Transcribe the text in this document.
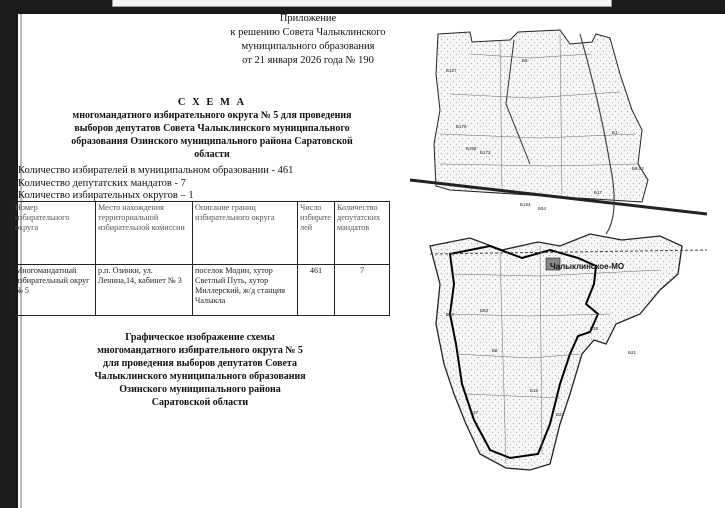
Приложение
к решению Совета Чалыклинского
муниципального образования
от 21 января 2026 года № 190
С Х Е М А
многомандатного избирательного округа № 5 для проведения
выборов депутатов Совета Чалыклинского муниципального
образования Озинского муниципального района Саратовской
области
Количество избирателей в муниципальном образовании - 461
Количество депутатских мандатов - 7
Количество избирательных округов – 1
Номер избирательного округа	Место нахождения территориальной избирательной комиссии	Описание границ избирательного округа	Число избирате лей	Количество депутатских мандатов
Многомандатный избирательный округ № 5	р.п. Озинки, ул. Ленина,14, кабинет № 3	поселок Модин, хутор Светлый Путь, хутор Миллерский, ж/д станция Чалыкла	461	7
Графическое изображение схемы
многомандатного избирательного округа № 5
для проведения выборов депутатов Совета
Чалыклинского муниципального образования
Озинского муниципального района
Саратовской области
Чалыклинское-МО
Б127
Б179
Б168
Б8
Б173
Б1
Б154
Б17
Б54
Б8.02
Б21
Б47
Б83
Б15
Б22
Б37
Б8
Б35
